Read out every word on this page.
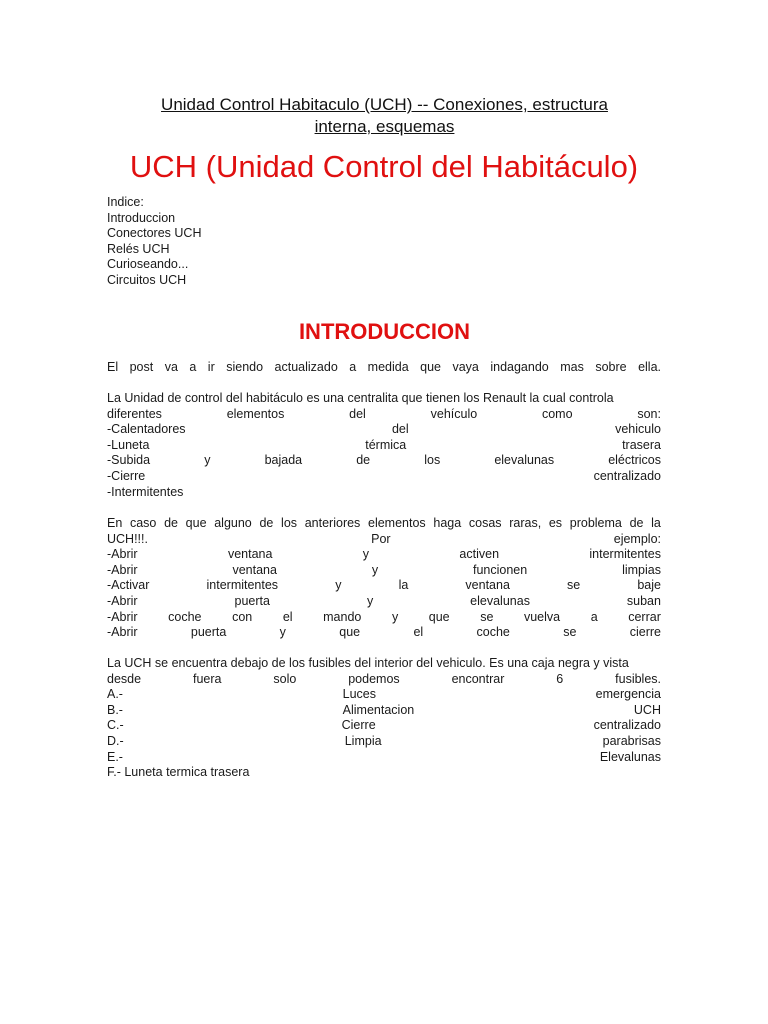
Unidad Control Habitaculo (UCH) -- Conexiones, estructura
interna, esquemas
UCH (Unidad Control del Habitáculo)
Indice:
Introduccion
Conectores UCH
Relés UCH
Curioseando...
Circuitos UCH
INTRODUCCION
El post va a ir siendo actualizado a medida que vaya indagando mas sobre ella.
La Unidad de control del habitáculo es una centralita que tienen los Renault la cual controla
diferentes	elementos	del	vehículo	como	son:
-Calentadores	del	vehiculo
-Luneta	térmica	trasera
-Subida	y	bajada	de	los	elevalunas	eléctricos
-Cierre	centralizado
-Intermitentes
En caso de que alguno de los anteriores elementos haga cosas raras, es problema de la
UCH!!!.	Por	ejemplo:
-Abrir	ventana	y	activen	intermitentes
-Abrir	ventana	y	funcionen	limpias
-Activar	intermitentes	y	la	ventana	se	baje
-Abrir	puerta	y	elevalunas	suban
-Abrir coche con el mando y que se vuelva a cerrar
-Abrir	puerta	y	que	el	coche	se	cierre
La UCH se encuentra debajo de los fusibles del interior del vehiculo. Es una caja negra y vista
desde	fuera	solo	podemos	encontrar	6	fusibles.
A.-	Luces	emergencia
B.-	Alimentacion	UCH
C.-	Cierre	centralizado
D.-	Limpia	parabrisas
E.-	Elevalunas
F.- Luneta termica trasera
